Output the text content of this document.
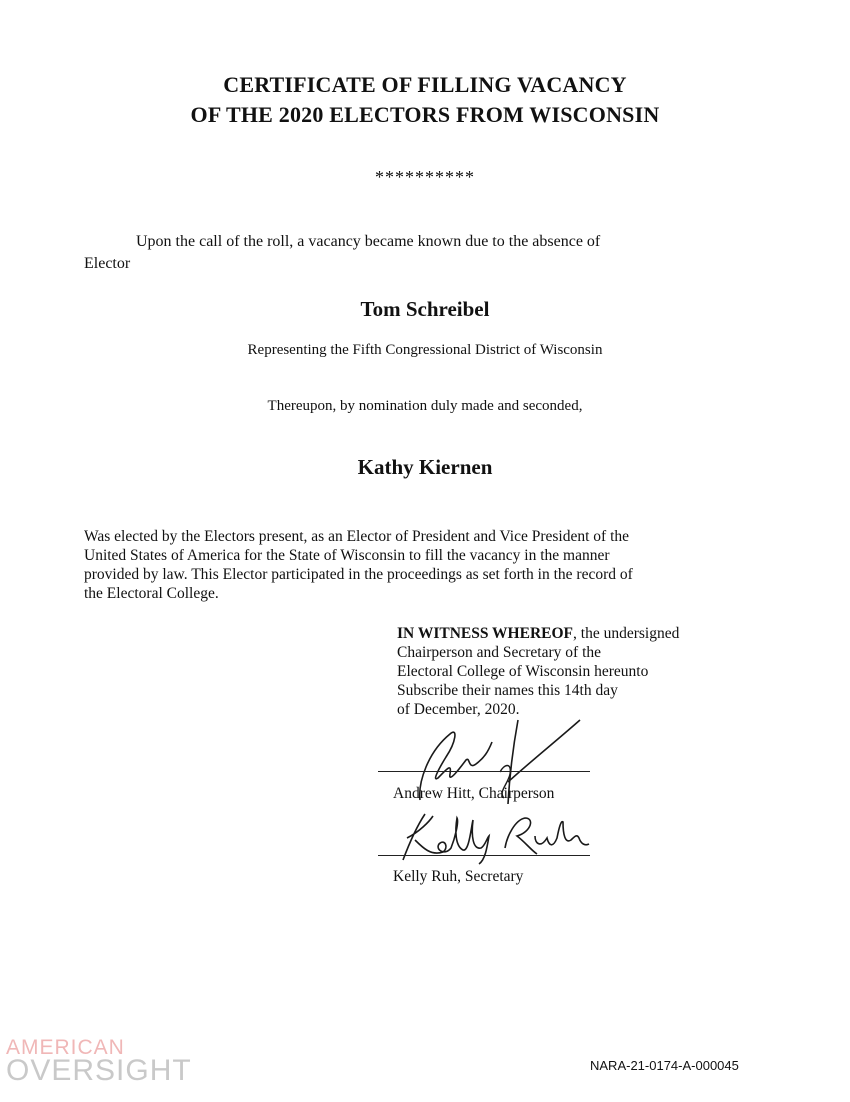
CERTIFICATE OF FILLING VACANCY
OF THE 2020 ELECTORS FROM WISCONSIN
**********
Upon the call of the roll, a vacancy became known due to the absence of
Elector
Tom Schreibel
Representing the Fifth Congressional District of Wisconsin
Thereupon, by nomination duly made and seconded,
Kathy Kiernen
Was elected by the Electors present, as an Elector of President and Vice President of the
United States of America for the State of Wisconsin to fill the vacancy in the manner
provided by law. This Elector participated in the proceedings as set forth in the record of
the Electoral College.
IN WITNESS WHEREOF, the undersigned
Chairperson and Secretary of the
Electoral College of Wisconsin hereunto
Subscribe their names this 14th day
of December, 2020.
Andrew Hitt, Chairperson
Kelly Ruh, Secretary
AMERICAN
OVERSIGHT	NARA-21-0174-A-000045
